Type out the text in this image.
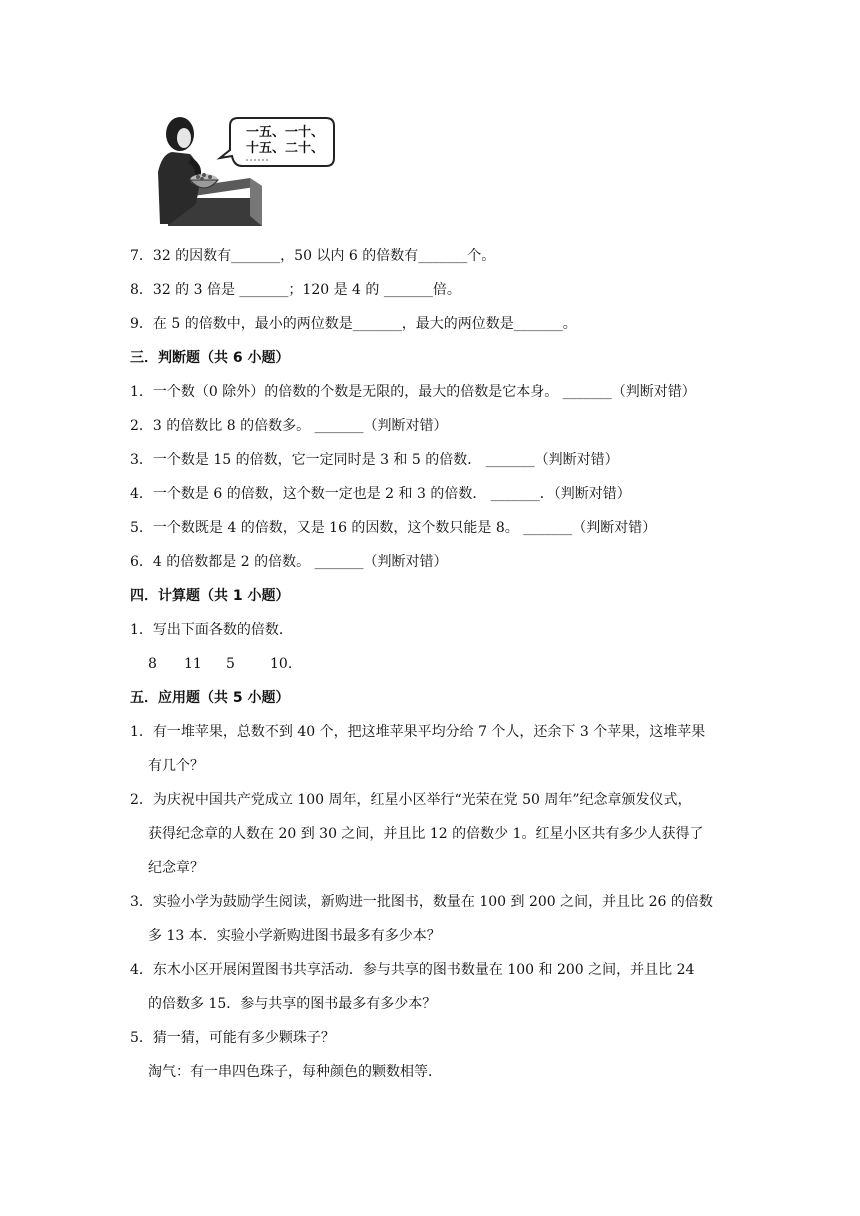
一五、一十、
十五、二十、
7．32 的因数有_______，50 以内 6 的倍数有_______个。
8．32 的 3 倍是 _______；120 是 4 的 _______倍。
9．在 5 的倍数中，最小的两位数是_______，最大的两位数是_______。
三．判断题（共 6 小题）
1．一个数（0 除外）的倍数的个数是无限的，最大的倍数是它本身。 _______（判断对错）
2．3 的倍数比 8 的倍数多。 _______（判断对错）
3．一个数是 15 的倍数，它一定同时是 3 和 5 的倍数． _______（判断对错）
4．一个数是 6 的倍数，这个数一定也是 2 和 3 的倍数． _______．（判断对错）
5．一个数既是 4 的倍数，又是 16 的因数，这个数只能是 8。 _______（判断对错）
6．4 的倍数都是 2 的倍数。 _______（判断对错）
四．计算题（共 1 小题）
1．写出下面各数的倍数．
8 11 5	10.
五．应用题（共 5 小题）
1．有一堆苹果，总数不到 40 个，把这堆苹果平均分给 7 个人，还余下 3 个苹果，这堆苹果
有几个？
2．为庆祝中国共产党成立 100 周年，红星小区举行“光荣在党 50 周年”纪念章颁发仪式，
获得纪念章的人数在 20 到 30 之间，并且比 12 的倍数少 1。红星小区共有多少人获得了
纪念章？
3．实验小学为鼓励学生阅读，新购进一批图书，数量在 100 到 200 之间，并且比 26 的倍数
多 13 本．实验小学新购进图书最多有多少本？
4．东木小区开展闲置图书共享活动．参与共享的图书数量在 100 和 200 之间，并且比 24
的倍数多 15．参与共享的图书最多有多少本？
5．猜一猜，可能有多少颗珠子？
淘气：有一串四色珠子，每种颜色的颗数相等．
